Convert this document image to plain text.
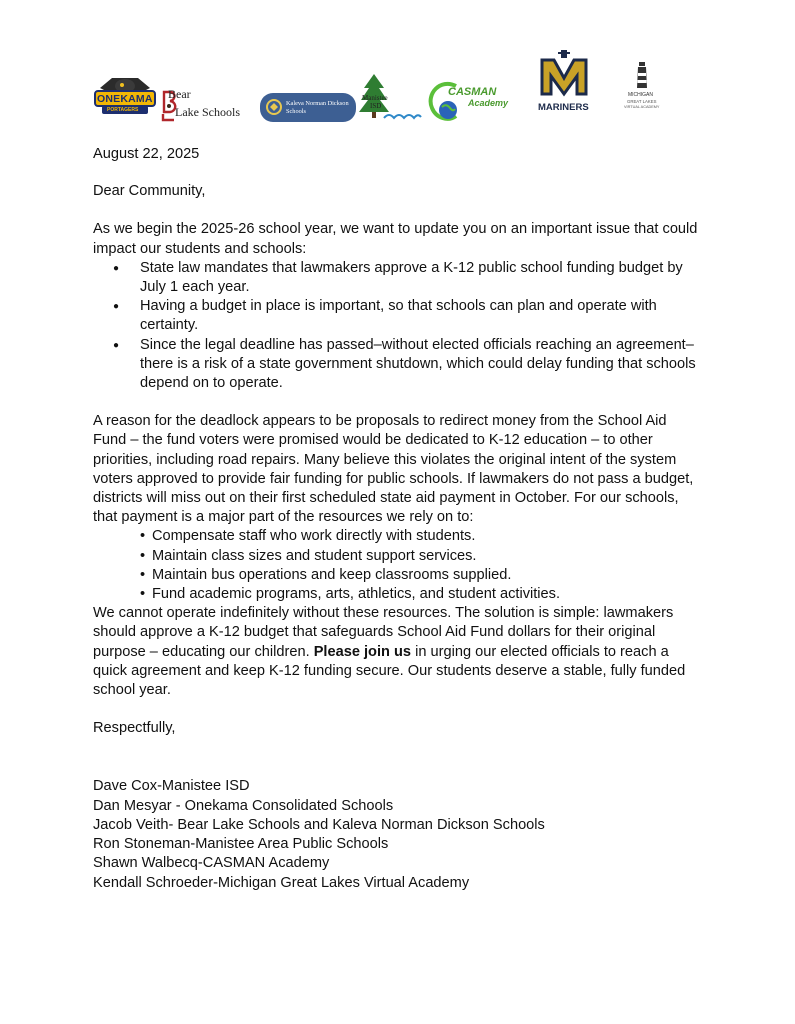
ONEKAMA
PORTAGERS
Bear
Lake Schools
Kaleva Norman Dickson
Schools
Manistee
ISD
CASMAN
Academy	MARINERS
MICHIGAN
GREAT LAKES
VIRTUAL ACADEMY

August 22, 2025

Dear Community,

As we begin the 2025-26 school year, we want to update you on an important issue that could impact our students and schools:

● State law mandates that lawmakers approve a K-12 public school funding budget by July 1 each year.
● Having a budget in place is important, so that schools can plan and operate with certainty.
● Since the legal deadline has passed–without elected officials reaching an agreement–there is a risk of a state government shutdown, which could delay funding that schools depend on to operate.

A reason for the deadlock appears to be proposals to redirect money from the School Aid Fund – the fund voters were promised would be dedicated to K-12 education – to other priorities, including road repairs. Many believe this violates the original intent of the system voters approved to provide fair funding for public schools. If lawmakers do not pass a budget, districts will miss out on their first scheduled state aid payment in October. For our schools, that payment is a major part of the resources we rely on to:

• Compensate staff who work directly with students.
• Maintain class sizes and student support services.
• Maintain bus operations and keep classrooms supplied.
• Fund academic programs, arts, athletics, and student activities.

We cannot operate indefinitely without these resources. The solution is simple: lawmakers should approve a K-12 budget that safeguards School Aid Fund dollars for their original purpose – educating our children. Please join us in urging our elected officials to reach a quick agreement and keep K-12 funding secure. Our students deserve a stable, fully funded school year.

Respectfully,

Dave Cox-Manistee ISD

Dan Mesyar - Onekama Consolidated Schools

Jacob Veith- Bear Lake Schools and Kaleva Norman Dickson Schools

Ron Stoneman-Manistee Area Public Schools

Shawn Walbecq-CASMAN Academy

Kendall Schroeder-Michigan Great Lakes Virtual Academy
